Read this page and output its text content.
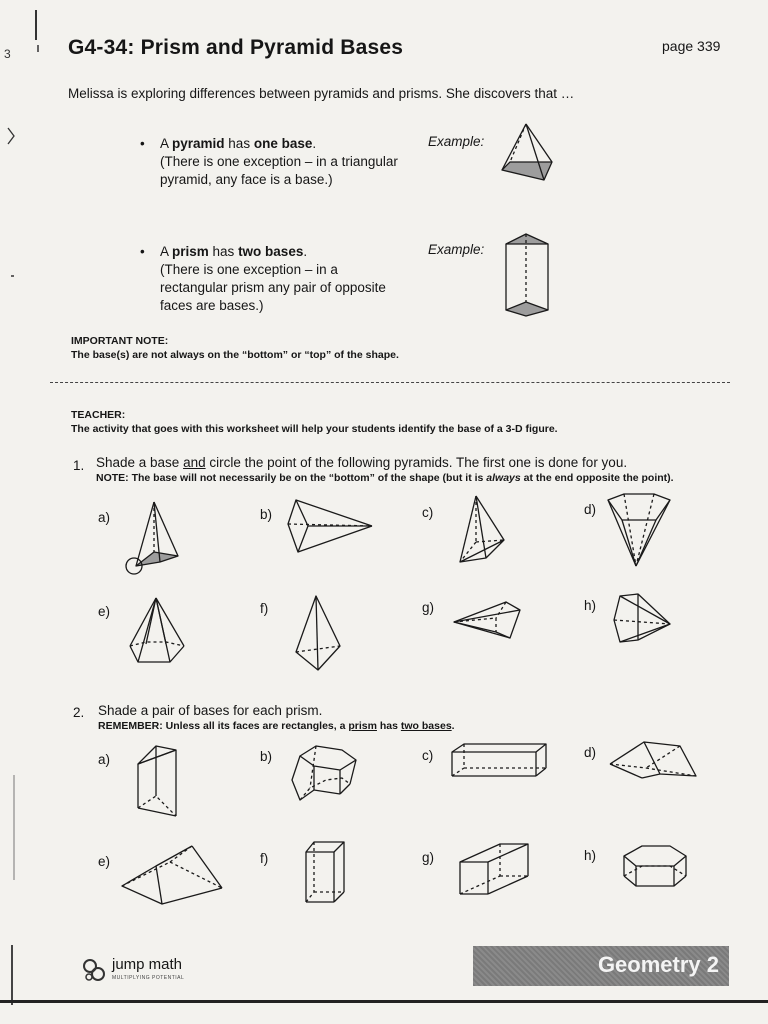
3	G4-34: Prism and Pyramid Bases	page 339
Melissa is exploring differences between pyramids and prisms. She discovers that …
• A pyramid has one base.
(There is one exception – in a triangular
pyramid, any face is a base.)
Example:
• A prism has two bases.
(There is one exception – in a
rectangular prism any pair of opposite
faces are bases.)
Example:
IMPORTANT NOTE:
The base(s) are not always on the “bottom” or “top” of the shape.
TEACHER:
The activity that goes with this worksheet will help your students identify the base of a 3-D figure.
1. Shade a base and circle the point of the following pyramids. The first one is done for you.
NOTE: The base will not necessarily be on the “bottom” of the shape (but it is always at the end opposite the point).
a)	b)	c)	d)
e)	f)	g)	h)
2. Shade a pair of bases for each prism.
REMEMBER: Unless all its faces are rectangles, a prism has two bases.
a)	b)	c)	d)
e)	f)	g)	h)
jump math
MULTIPLYING POTENTIAL
Geometry 2
